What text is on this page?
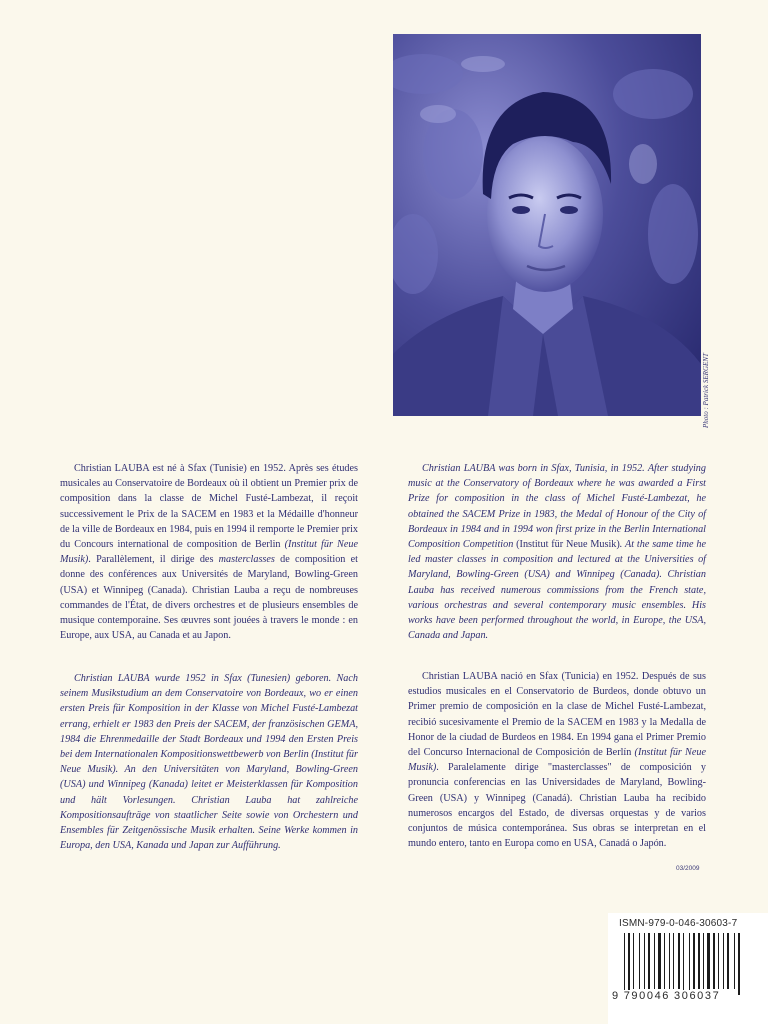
Photo : Patrick SERGENT

Christian LAUBA est né à Sfax (Tunisie) en 1952. Après ses études musicales au Conservatoire de Bordeaux où il obtient un Premier prix de composition dans la classe de Michel Fusté-Lambezat, il reçoit successivement le Prix de la SACEM en 1983 et la Médaille d'honneur de la ville de Bordeaux en 1984, puis en 1994 il remporte le Premier prix du Concours international de composition de Berlin (Institut für Neue Musik). Parallèlement, il dirige des masterclasses de composition et donne des conférences aux Universités de Maryland, Bowling-Green (USA) et Winnipeg (Canada). Christian Lauba a reçu de nombreuses commandes de l'État, de divers orchestres et de plusieurs ensembles de musique contemporaine. Ses œuvres sont jouées à travers le monde : en Europe, aux USA, au Canada et au Japon.

Christian LAUBA was born in Sfax, Tunisia, in 1952. After studying music at the Conservatory of Bordeaux where he was awarded a First Prize for composition in the class of Michel Fusté-Lambezat, he obtained the SACEM Prize in 1983, the Medal of Honour of the City of Bordeaux in 1984 and in 1994 won first prize in the Berlin International Composition Competition (Institut für Neue Musik). At the same time he led master classes in composition and lectured at the Universities of Maryland, Bowling-Green (USA) and Winnipeg (Canada). Christian Lauba has received numerous commissions from the French state, various orchestras and several contemporary music ensembles. His works have been performed throughout the world, in Europe, the USA, Canada and Japan.

Christian LAUBA wurde 1952 in Sfax (Tunesien) geboren. Nach seinem Musikstudium an dem Conservatoire von Bordeaux, wo er einen ersten Preis für Komposition in der Klasse von Michel Fusté-Lambezat errang, erhielt er 1983 den Preis der SACEM, der französischen GEMA, 1984 die Ehrenmedaille der Stadt Bordeaux und 1994 den Ersten Preis bei dem Internationalen Kompositionswettbewerb von Berlin (Institut für Neue Musik). An den Universitäten von Maryland, Bowling-Green (USA) und Winnipeg (Kanada) leitet er Meisterklassen für Komposition und hält Vorlesungen. Christian Lauba hat zahlreiche Kompositionsaufträge von staatlicher Seite sowie von Orchestern und Ensembles für Zeitgenössische Musik erhalten. Seine Werke kommen in Europa, den USA, Kanada und Japan zur Aufführung.

Christian LAUBA nació en Sfax (Tunicia) en 1952. Después de sus estudios musicales en el Conservatorio de Burdeos, donde obtuvo un Primer premio de composición en la clase de Michel Fusté-Lambezat, recibió sucesivamente el Premio de la SACEM en 1983 y la Medalla de Honor de la ciudad de Burdeos en 1984. En 1994 gana el Primer Premio del Concurso Internacional de Composición de Berlín (Institut für Neue Musik). Paralelamente dirige "masterclasses" de composición y pronuncia conferencias en las Universidades de Maryland, Bowling-Green (USA) y Winnipeg (Canadá). Christian Lauba ha recibido numerosos encargos del Estado, de diversas orquestas y de varios conjuntos de música contemporánea. Sus obras se interpretan en el mundo entero, tanto en Europa como en USA, Canadá o Japón.

03/2009
ISMN-979-0-046-30603-7
9 790046 306037
